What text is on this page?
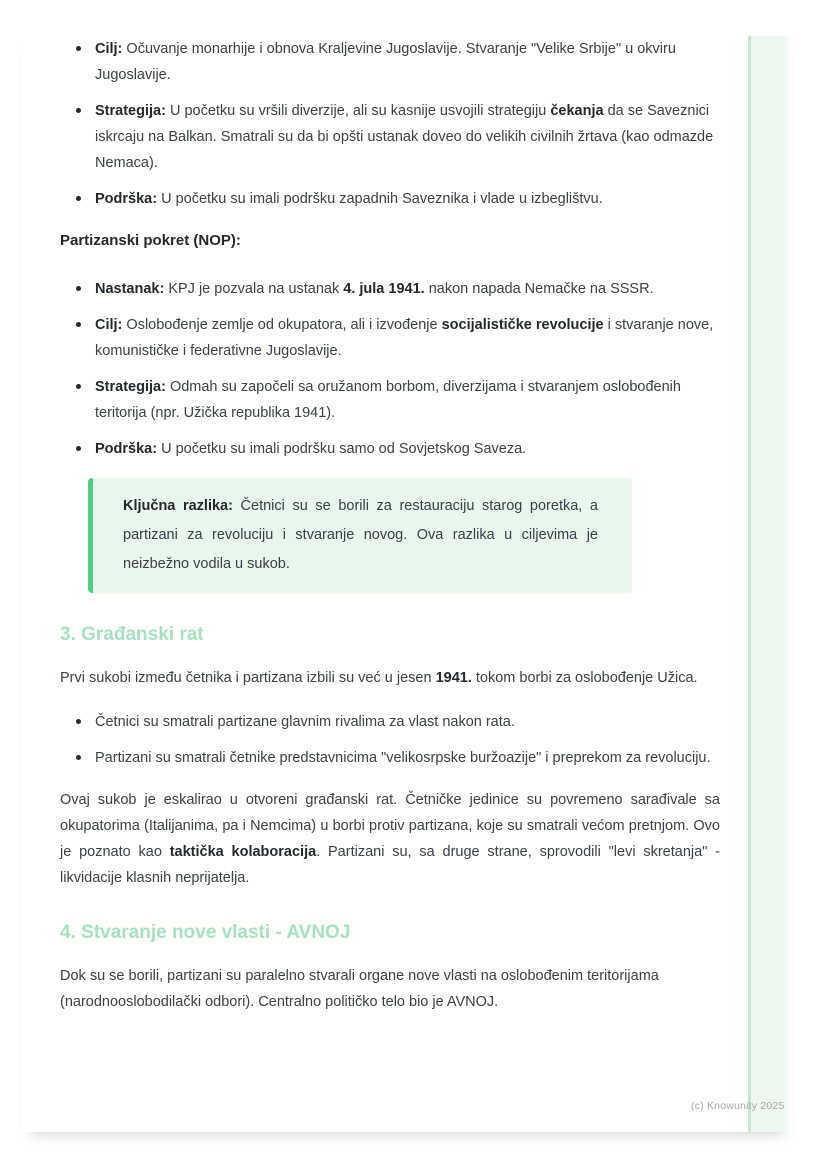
Cilj: Očuvanje monarhije i obnova Kraljevine Jugoslavije. Stvaranje "Velike Srbije" u okviru Jugoslavije.
Strategija: U početku su vršili diverzije, ali su kasnije usvojili strategiju čekanja da se Saveznici iskrcaju na Balkan. Smatrali su da bi opšti ustanak doveo do velikih civilnih žrtava (kao odmazde Nemaca).
Podrška: U početku su imali podršku zapadnih Saveznika i vlade u izbeglištvu.

Partizanski pokret (NOP):

Nastanak: KPJ je pozvala na ustanak 4. jula 1941. nakon napada Nemačke na SSSR.
Cilj: Oslobođenje zemlje od okupatora, ali i izvođenje socijalističke revolucije i stvaranje nove, komunističke i federativne Jugoslavije.
Strategija: Odmah su započeli sa oružanom borbom, diverzijama i stvaranjem oslobođenih teritorija (npr. Užička republika 1941).
Podrška: U početku su imali podršku samo od Sovjetskog Saveza.

Ključna razlika: Četnici su se borili za restauraciju starog poretka, a partizani za revoluciju i stvaranje novog. Ova razlika u ciljevima je neizbežno vodila u sukob.

3. Građanski rat

Prvi sukobi između četnika i partizana izbili su već u jesen 1941. tokom borbi za oslobođenje Užica.

Četnici su smatrali partizane glavnim rivalima za vlast nakon rata.
Partizani su smatrali četnike predstavnicima "velikosrpske buržoazije" i preprekom za revoluciju.

Ovaj sukob je eskalirao u otvoreni građanski rat. Četničke jedinice su povremeno sarađivale sa okupatorima (Italijanima, pa i Nemcima) u borbi protiv partizana, koje su smatrali većom pretnjom. Ovo je poznato kao taktička kolaboracija. Partizani su, sa druge strane, sprovodili "levi skretanja" - likvidacije klasnih neprijatelja.

4. Stvaranje nove vlasti - AVNOJ

Dok su se borili, partizani su paralelno stvarali organe nove vlasti na oslobođenim teritorijama (narodnooslobodilački odbori). Centralno političko telo bio je AVNOJ.

(c) Knowunity 2025
